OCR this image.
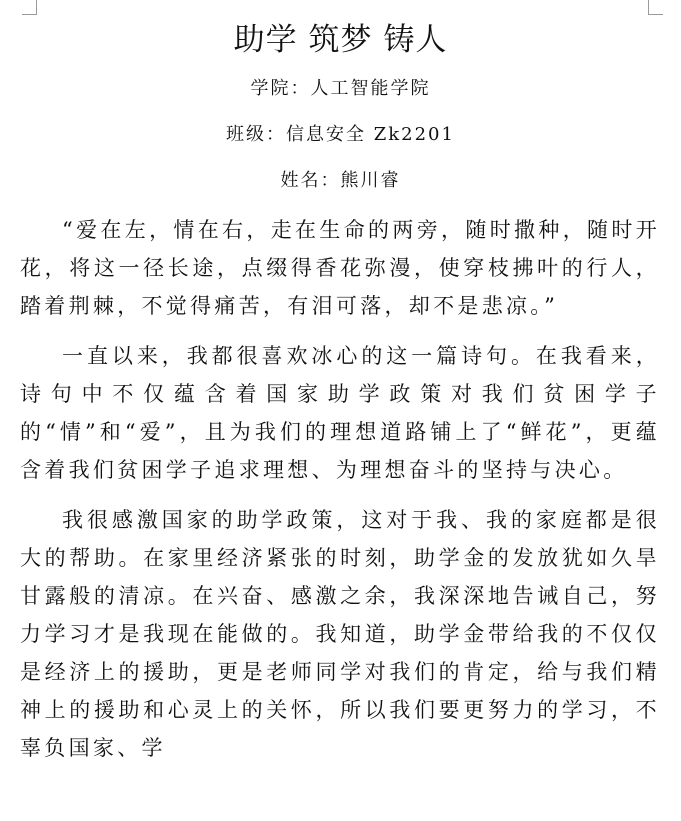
助学 筑梦 铸人
学院：人工智能学院
班级：信息安全 Zk2201
姓名：熊川睿

“爱在左，情在右，走在生命的两旁，随时撒种，随时开花，将这一径长途，点缀得香花弥漫，使穿枝拂叶的行人，踏着荆棘，不觉得痛苦，有泪可落，却不是悲凉。”

一直以来，我都很喜欢冰心的这一篇诗句。在我看来，诗句中不仅蕴含着国家助学政策对我们贫困学子的“情”和“爱”，且为我们的理想道路铺上了“鲜花”，更蕴含着我们贫困学子追求理想、为理想奋斗的坚持与决心。

我很感激国家的助学政策，这对于我、我的家庭都是很大的帮助。在家里经济紧张的时刻，助学金的发放犹如久旱甘露般的清凉。在兴奋、感激之余，我深深地告诫自己，努力学习才是我现在能做的。我知道，助学金带给我的不仅仅是经济上的援助，更是老师同学对我们的肯定，给与我们精神上的援助和心灵上的关怀，所以我们要更努力的学习，不辜负国家、学
